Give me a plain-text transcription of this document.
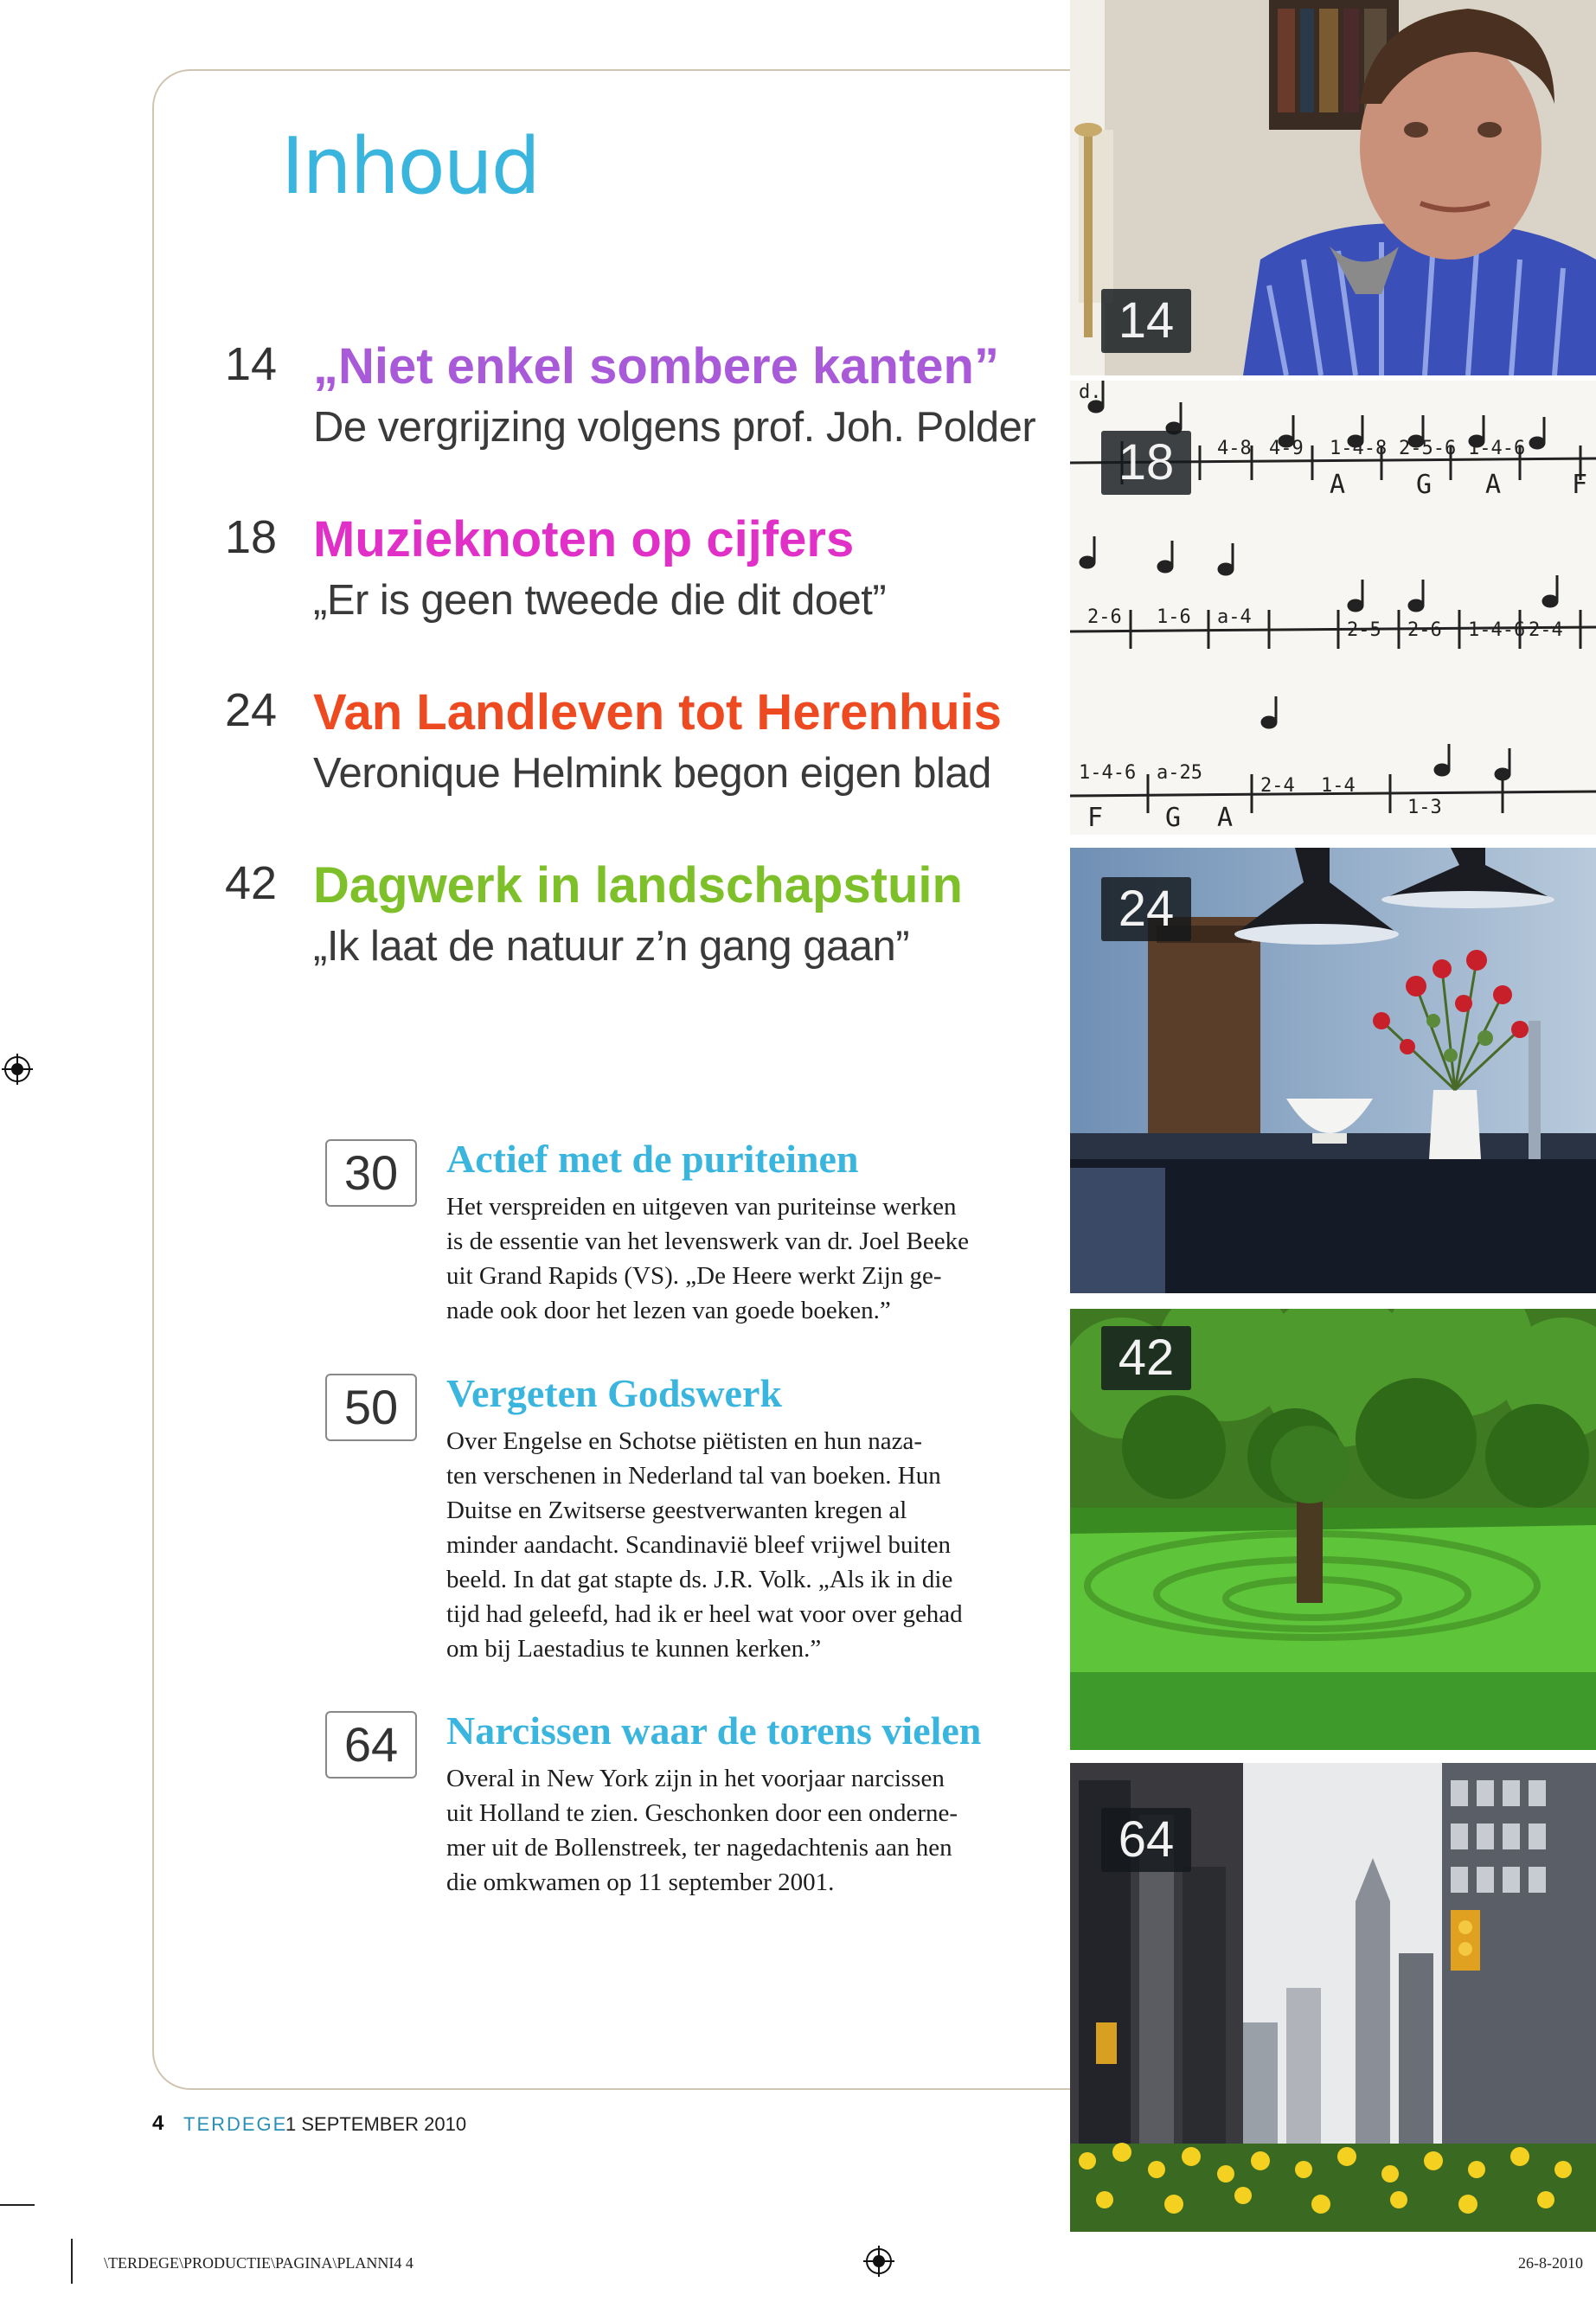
Inhoud
14 „Niet enkel sombere kanten”
De vergrijzing volgens prof. Joh. Polder
18 Muzieknoten op cijfers
„Er is geen tweede die dit doet”
24 Van Landleven tot Herenhuis
Veronique Helmink begon eigen blad
42 Dagwerk in landschapstuin
„Ik laat de natuur z’n gang gaan”
30	Actief met de puriteinen

Het verspreiden en uitgeven van puriteinse werken
is de essentie van het levenswerk van dr. Joel Beeke
uit Grand Rapids (VS). „De Heere werkt Zijn ge-
nade ook door het lezen van goede boeken.”

50	Vergeten Godswerk

Over Engelse en Schotse piëtisten en hun naza-
ten verschenen in Nederland tal van boeken. Hun
Duitse en Zwitserse geestverwanten kregen al
minder aandacht. Scandinavië bleef vrijwel buiten
beeld. In dat gat stapte ds. J.R. Volk. „Als ik in die
tijd had geleefd, had ik er heel wat voor over gehad
om bij Laestadius te kunnen kerken.”

64	Narcissen waar de torens vielen

Overal in New York zijn in het voorjaar narcissen
uit Holland te zien. Geschonken door een onderne-
mer uit de Bollenstreek, ter nagedachtenis aan hen
die omkwamen op 11 september 2001.

14
d.
4-8 4-9 1-4-8 2-5-6 1-4-6
A	G A	F
2-6 1-6 a-4
2-5 2-6 1-4-6 2-4
1-4-6 a-25
2-4 1-4
1-3
F G A
18
24
42
64
4 TERDEGE
1 SEPTEMBER 2010
\TERDEGE\PRODUCTIE\PAGINA\PLANNI4 4	26-8-2010
